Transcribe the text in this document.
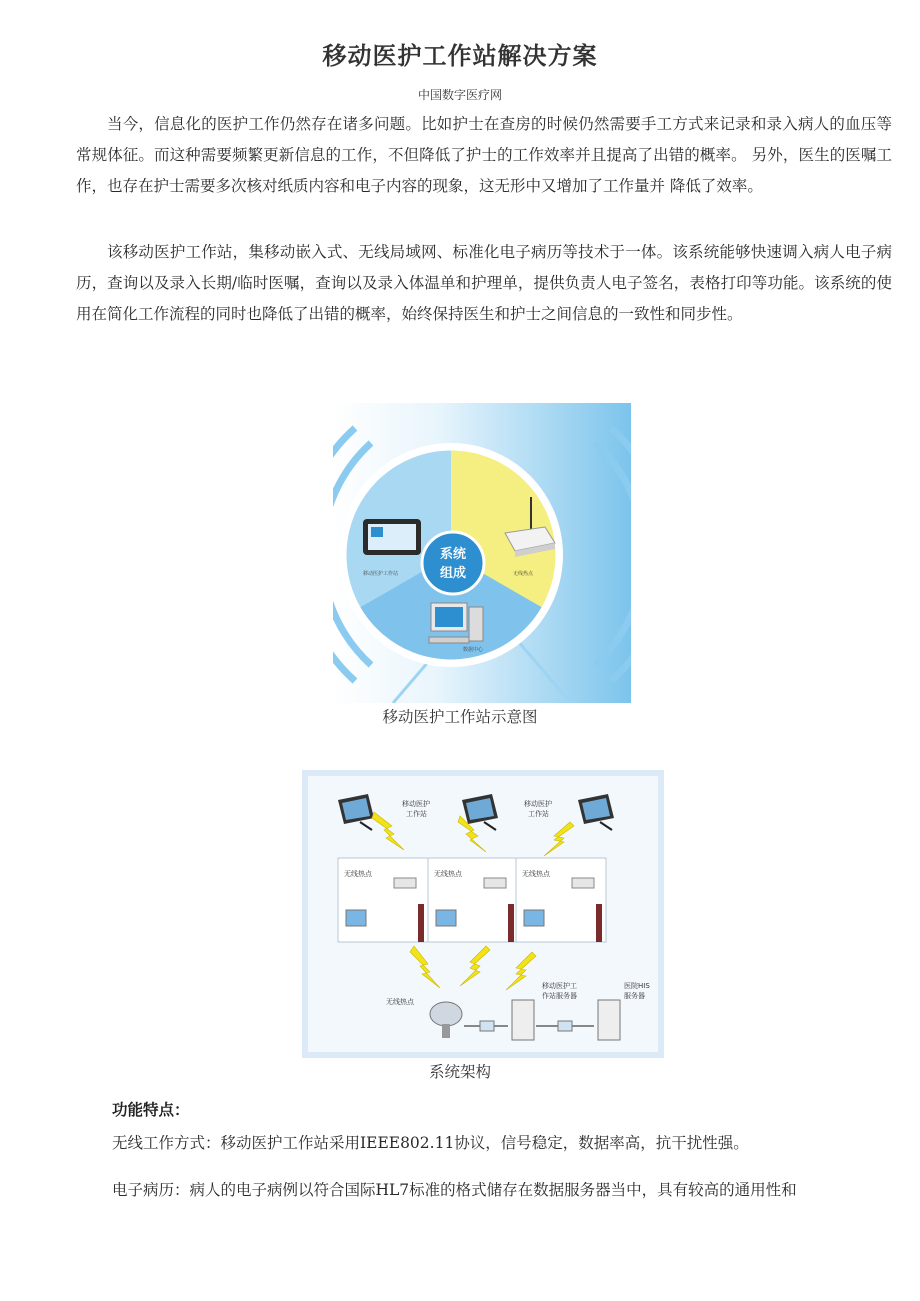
移动医护工作站解决方案
中国数字医疗网

当今，信息化的医护工作仍然存在诸多问题。比如护士在查房的时候仍然需要手工方式来记录和录入病人的血压等常规体征。而这种需要频繁更新信息的工作，不但降低了护士的工作效率并且提高了出错的概率。 另外，医生的医嘱工作，也存在护士需要多次核对纸质内容和电子内容的现象，这无形中又增加了工作量并 降低了效率。

该移动医护工作站，集移动嵌入式、无线局域网、标准化电子病历等技术于一体。该系统能够快速调入病人电子病历，查询以及录入长期/临时医嘱，查询以及录入体温单和护理单，提供负责人电子签名，表格打印等功能。该系统的使用在简化工作流程的同时也降低了出错的概率，始终保持医生和护士之间信息的一致性和同步性。

系统
组成
移动医护工作站	无线热点
数据中心
移动医护工作站示意图
移动医护
工作站
移动医护
工作站
无线热点	无线热点	无线热点
无线热点
移动医护工
作站服务器
医院HIS
服务器
系统架构
功能特点：

无线工作方式：移动医护工作站采用IEEE802.11协议，信号稳定，数据率高，抗干扰性强。

电子病历：病人的电子病例以符合国际HL7标准的格式储存在数据服务器当中，具有较高的通用性和
